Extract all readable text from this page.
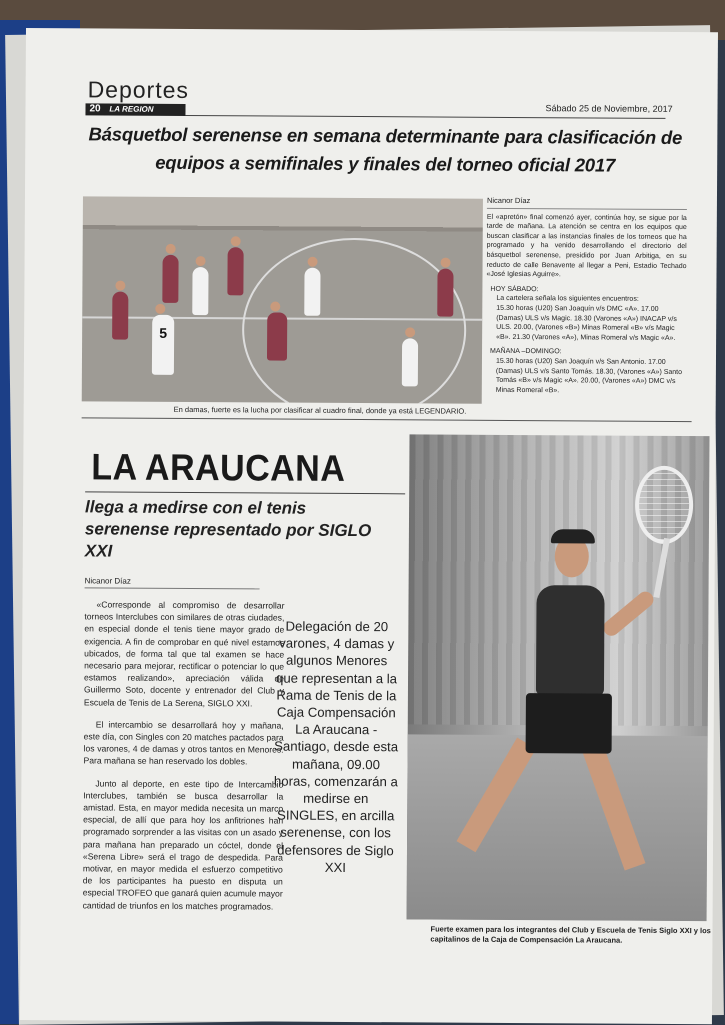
Deportes
20 LA REGION	Sábado 25 de Noviembre, 2017
Básquetbol serenense en semana determinante para clasificación de equipos a semifinales y finales del torneo oficial 2017
5
En damas, fuerte es la lucha por clasificar al cuadro final, donde ya está LEGENDARIO.
Nicanor Díaz

El «apretón» final comenzó ayer, continúa hoy, se sigue por la tarde de mañana. La atención se centra en los equipos que buscan clasificar a las instancias finales de los torneos que ha programado y ha venido desarrollando el directorio del básquetbol serenense, presidido por Juan Arbitiga, en su reducto de calle Benavente al llegar a Peni, Estadio Techado «José Iglesias Aguirre».

HOY SÁBADO:
La cartelera señala los siguientes encuentros:
15.30 horas (U20) San Joaquín v/s DMC «A». 17.00 (Damas) ULS v/s Magic. 18.30 (Varones «A») INACAP v/s ULS. 20.00, (Varones «B») Minas Romeral «B» v/s Magic «B». 21.30 (Varones «A»), Minas Romeral v/s Magic «A».
MAÑANA –DOMINGO:
15.30 horas (U20) San Joaquín v/s San Antonio. 17.00 (Damas) ULS v/s Santo Tomás. 18.30, (Varones «A») Santo Tomás «B» v/s Magic «A». 20.00, (Varones «A») DMC v/s Minas Romeral «B».
LA ARAUCANA
llega a medirse con el tenis serenense representado por SIGLO XXI
Nicanor Díaz

«Corresponde al compromiso de desarrollar torneos Interclubes con similares de otras ciudades, en especial donde el tenis tiene mayor grado de exigencia. A fin de comprobar en qué nivel estamos ubicados, de forma tal que tal examen se hace necesario para mejorar, rectificar o potenciar lo que estamos realizando», apreciación válida de Guillermo Soto, docente y entrenador del Club y Escuela de Tenis de La Serena, SIGLO XXI.

El intercambio se desarrollará hoy y mañana, este día, con Singles con 20 matches pactados para los varones, 4 de damas y otros tantos en Menores. Para mañana se han reservado los dobles.

Junto al deporte, en este tipo de Intercambio Interclubes, también se busca desarrollar la amistad. Esta, en mayor medida necesita un marco especial, de allí que para hoy los anfitriones han programado sorprender a las visitas con un asado y para mañana han preparado un cóctel, donde el «Serena Libre» será el trago de despedida. Para motivar, en mayor medida el esfuerzo competitivo de los participantes ha puesto en disputa un especial TROFEO que ganará quien acumule mayor cantidad de triunfos en los matches programados.

Delegación de 20 varones, 4 damas y algunos Menores que representan a la Rama de Tenis de la Caja Compensación La Araucana - Santiago, desde esta mañana, 09.00 horas, comenzarán a medirse en SINGLES, en arcilla serenense, con los defensores de Siglo XXI
Fuerte examen para los integrantes del Club y Escuela de Tenis Siglo XXI y los capitalinos de la Caja de Compensación La Araucana.
